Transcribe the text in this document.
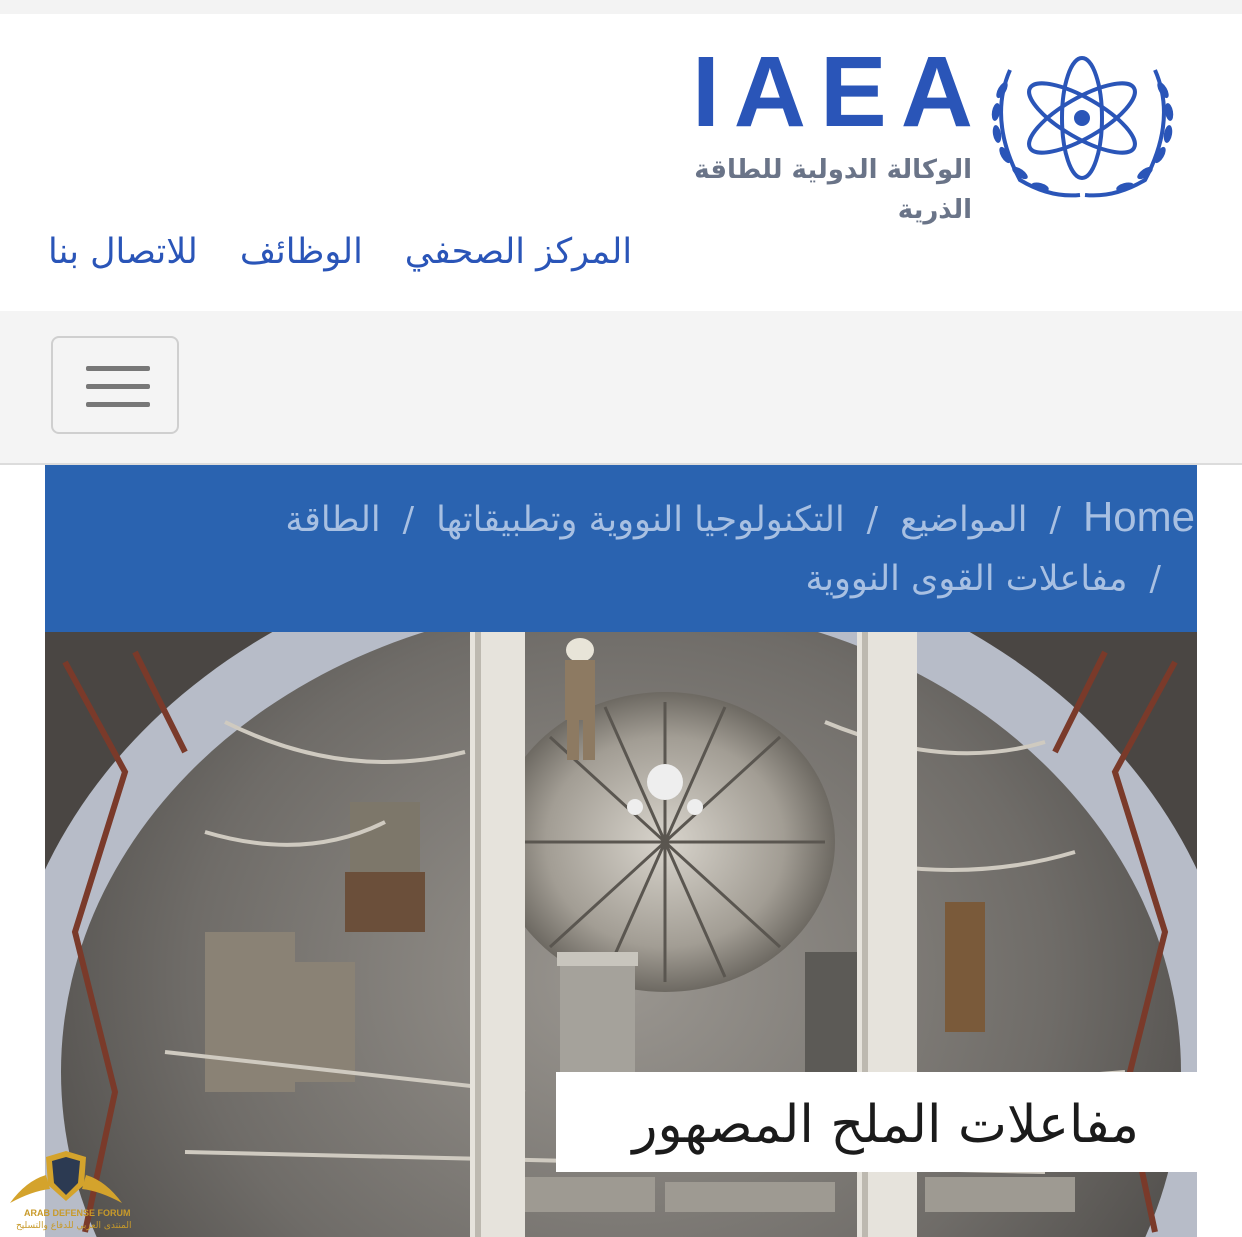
IAEA
الوكالة الدولية للطاقة الذرية
للاتصال بنا الوظائف المركز الصحفي
الطاقة / التكنولوجيا النووية وتطبيقاتها / المواضيع / Home
مفاعلات القوى النووية /
مفاعلات الملح المصهور
ARAB DEFENSE FORUM
المنتدى العربي للدفاع والتسليح
